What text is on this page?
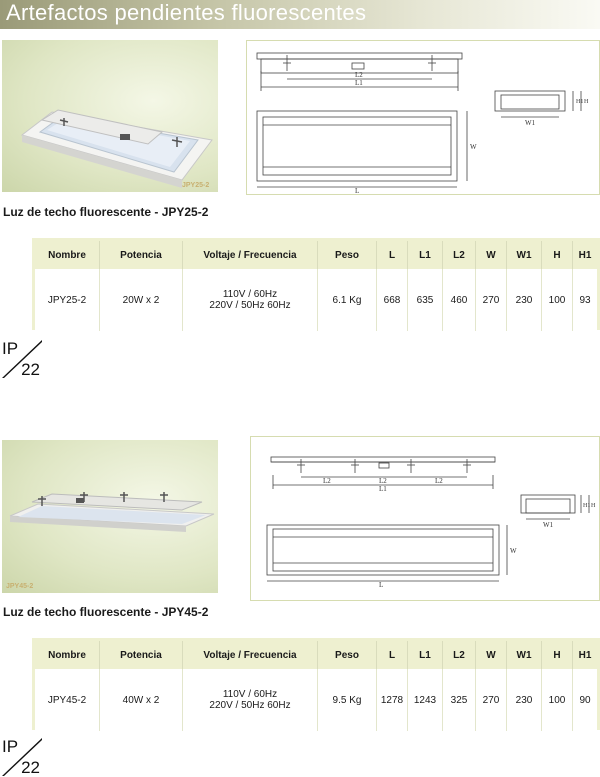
Artefactos pendientes fluorescentes
JPY25-2
L2
L1
L
W
W1
H1 H
Luz de techo fluorescente - JPY25-2
Nombre	Potencia	Voltaje / Frecuencia	Peso	L	L1	L2	W	W1	H	H1
JPY25-2	20W x 2	110V / 60Hz
220V / 50Hz 60Hz	6.1 Kg	668	635	460	270	230	100	93
IP
22
JPY45-2
L2	L2	L2
L1
L
W
W1
H1 H
Luz de techo fluorescente - JPY45-2
Nombre	Potencia	Voltaje / Frecuencia	Peso	L	L1	L2	W	W1	H	H1
JPY45-2	40W x 2	110V / 60Hz
220V / 50Hz 60Hz	9.5 Kg	1278	1243	325	270	230	100	90
IP
22
